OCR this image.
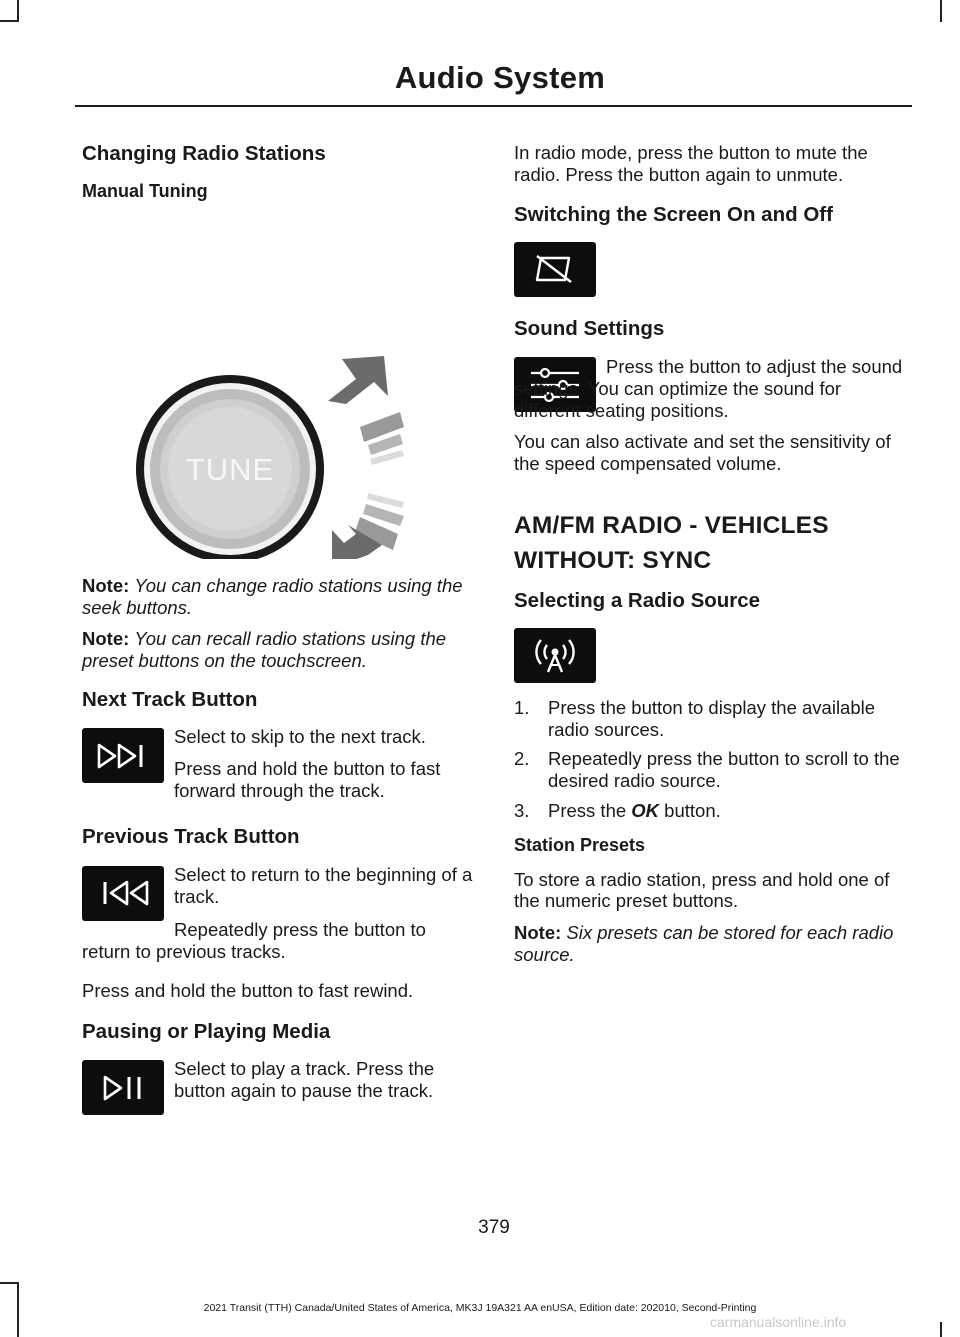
Audio System
Changing Radio Stations
Manual Tuning
TUNE

Note: You can change radio stations using the seek buttons.

Note: You can recall radio stations using the preset buttons on the touchscreen.

Next Track Button

Select to skip to the next track.

Press and hold the button to fast forward through the track.

Previous Track Button

Select to return to the beginning of a track.

Repeatedly press the button to return to previous tracks.

Press and hold the button to fast rewind.

Pausing or Playing Media

Select to play a track. Press the button again to pause the track.

In radio mode, press the button to mute the radio. Press the button again to unmute.

Switching the Screen On and Off
Sound Settings

Press the button to adjust the sound settings. You can optimize the sound for different seating positions.

You can also activate and set the sensitivity of the speed compensated volume.

AM/FM RADIO - VEHICLES
WITHOUT: SYNC
Selecting a Radio Source
1.	Press the button to display the available radio sources.
2.	Repeatedly press the button to scroll to the desired radio source.
3.	Press the OK button.
Station Presets

To store a radio station, press and hold one of the numeric preset buttons.

Note: Six presets can be stored for each radio source.

379
2021 Transit (TTH) Canada/United States of America, MK3J 19A321 AA enUSA, Edition date: 202010, Second-Printing
carmanualsonline.info
